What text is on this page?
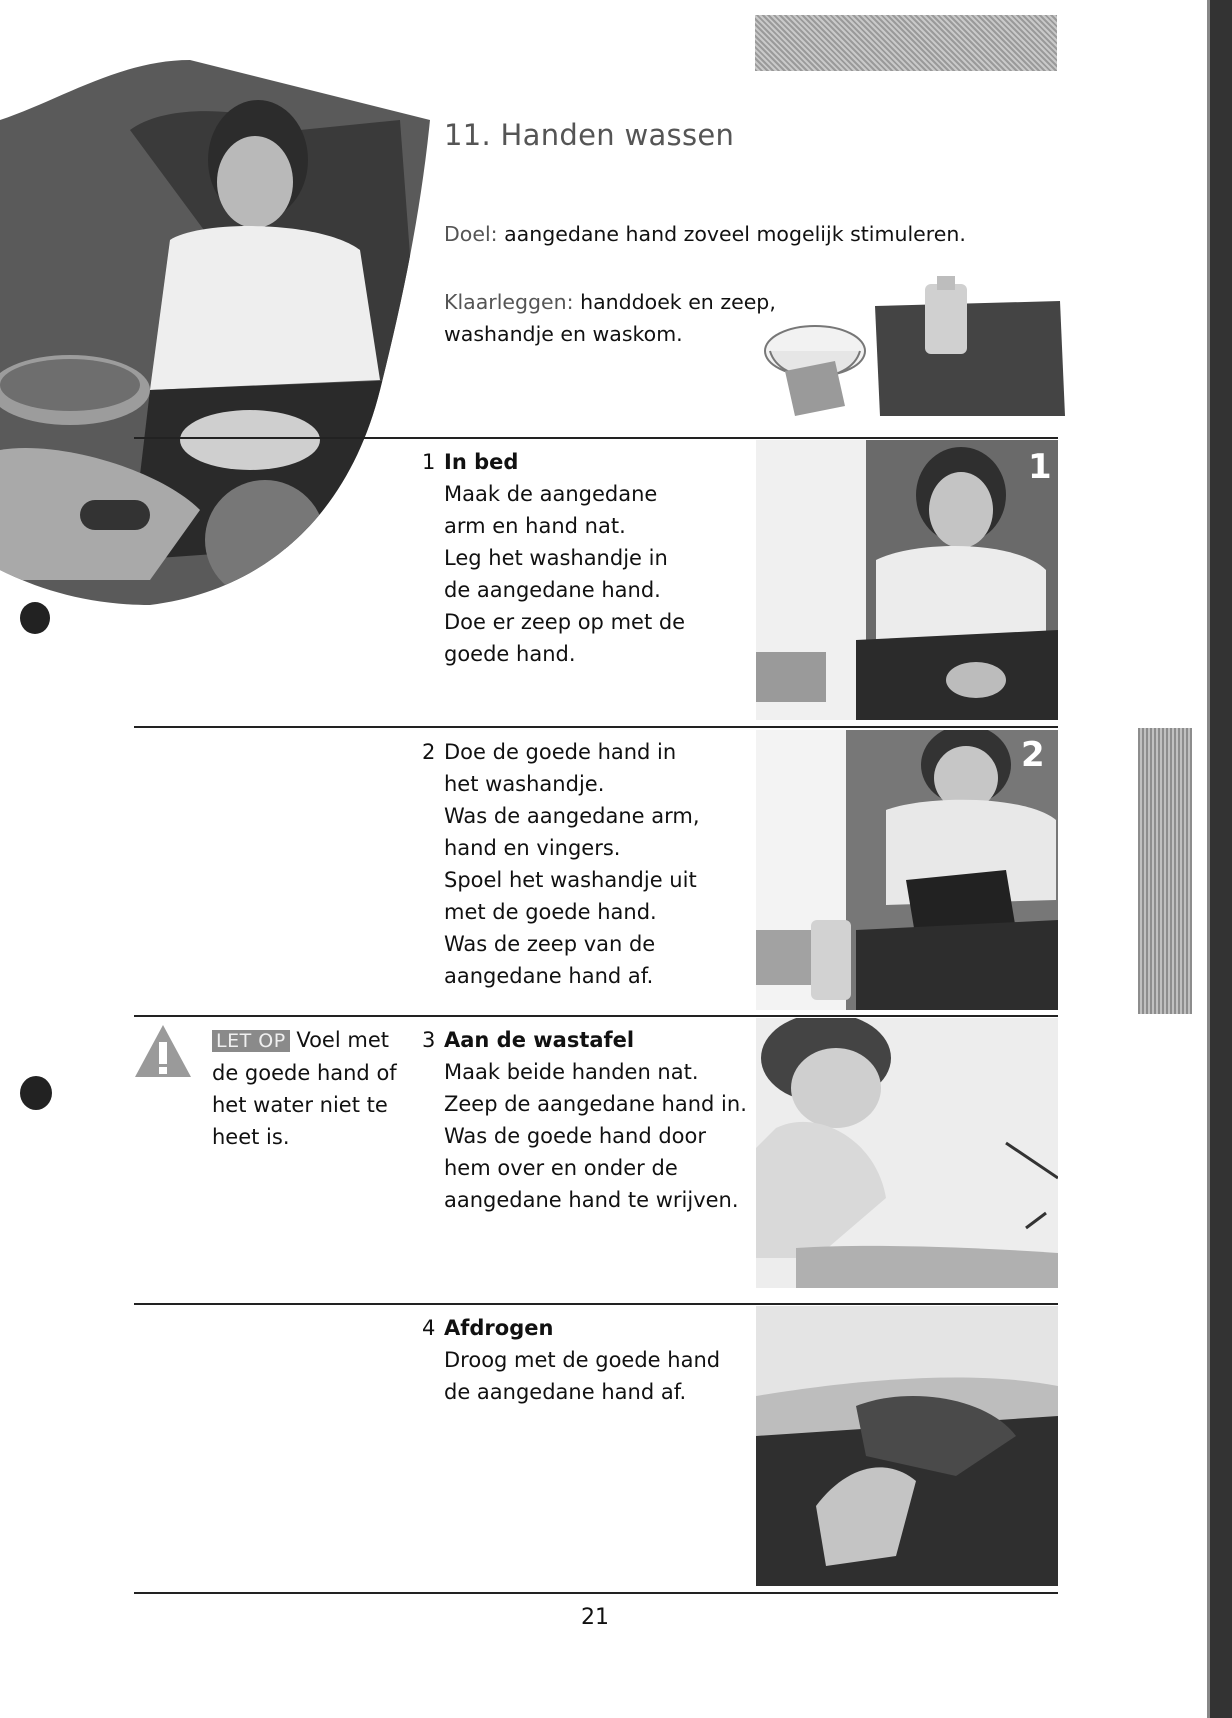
11. Handen wassen
Doel: aangedane hand zoveel mogelijk stimuleren.
Klaarleggen: handdoek en zeep,
washandje en waskom.
1 In bed
Maak de aangedane
arm en hand nat.
Leg het washandje in
de aangedane hand.
Doe er zeep op met de
goede hand.
1
2 Doe de goede hand in
het washandje.
Was de aangedane arm,
hand en vingers.
Spoel het washandje uit
met de goede hand.
Was de zeep van de
aangedane hand af.
2
LET OP Voel met
de goede hand of
het water niet te
heet is.
3 Aan de wastafel
Maak beide handen nat.
Zeep de aangedane hand in.
Was de goede hand door
hem over en onder de
aangedane hand te wrijven.
4 Afdrogen
Droog met de goede hand
de aangedane hand af.
21
